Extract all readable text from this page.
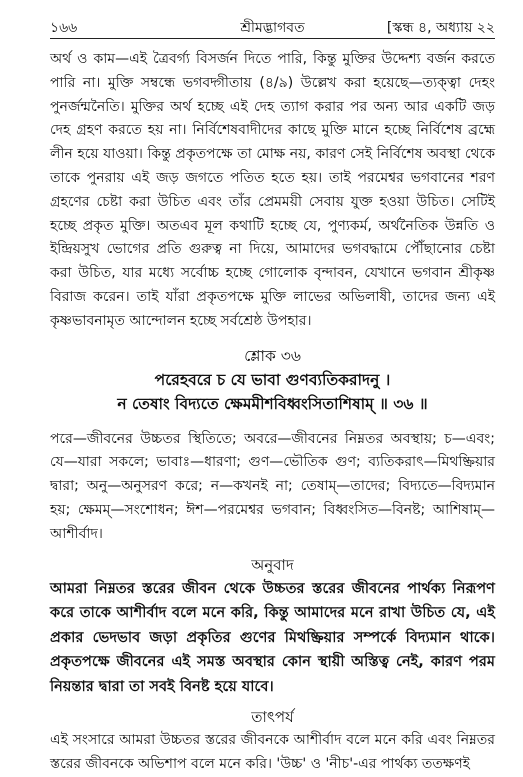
১৬৬	শ্রীমদ্ভাগবত	[স্কন্ধ ৪, অধ্যায় ২২

অর্থ ও কাম—এই ত্রৈবর্গ্য বিসর্জন দিতে পারি, কিন্তু মুক্তির উদ্দেশ্য বর্জন করতে পারি না। মুক্তি সম্বন্ধে ভগবদ্গীতায় (৪/৯) উল্লেখ করা হয়েছে—ত্যক্ত্বা দেহং পুনর্জন্মনৈতি। মুক্তির অর্থ হচ্ছে এই দেহ ত্যাগ করার পর অন্য আর একটি জড় দেহ গ্রহণ করতে হয় না। নির্বিশেষবাদীদের কাছে মুক্তি মানে হচ্ছে নির্বিশেষ ব্রহ্মে লীন হয়ে যাওয়া। কিন্তু প্রকৃতপক্ষে তা মোক্ষ নয়, কারণ সেই নির্বিশেষ অবস্থা থেকে তাকে পুনরায় এই জড় জগতে পতিত হতে হয়। তাই পরমেশ্বর ভগবানের শরণ গ্রহণের চেষ্টা করা উচিত এবং তাঁর প্রেমময়ী সেবায় যুক্ত হওয়া উচিত। সেটিই হচ্ছে প্রকৃত মুক্তি। অতএব মূল কথাটি হচ্ছে যে, পুণ্যকর্ম, অর্থনৈতিক উন্নতি ও ইন্দ্রিয়সুখ ভোগের প্রতি গুরুত্ব না দিয়ে, আমাদের ভগবদ্ধামে পৌঁছানোর চেষ্টা করা উচিত, যার মধ্যে সর্বোচ্চ হচ্ছে গোলোক বৃন্দাবন, যেখানে ভগবান শ্রীকৃষ্ণ বিরাজ করেন। তাই যাঁরা প্রকৃতপক্ষে মুক্তি লাভের অভিলাষী, তাদের জন্য এই কৃষ্ণভাবনামৃত আন্দোলন হচ্ছে সর্বশ্রেষ্ঠ উপহার।

শ্লোক ৩৬

পরেহবরে চ যে ভাবা গুণব্যতিকরাদনু ।

ন তেষাং বিদ্যতে ক্ষেমমীশবিধ্বংসিতাশিষাম্ ॥ ৩৬ ॥

পরে—জীবনের উচ্চতর স্থিতিতে; অবরে—জীবনের নিম্নতর অবস্থায়; চ—এবং; যে—যারা সকলে; ভাবাঃ—ধারণা; গুণ—ভৌতিক গুণ; ব্যতিকরাৎ—মিথষ্ক্রিয়ার দ্বারা; অনু—অনুসরণ করে; ন—কখনই না; তেষাম্—তাদের; বিদ্যতে—বিদ্যমান হয়; ক্ষেমম্—সংশোধন; ঈশ—পরমেশ্বর ভগবান; বিধ্বংসিত—বিনষ্ট; আশিষাম্—আশীর্বাদ।

অনুবাদ

আমরা নিম্নতর স্তরের জীবন থেকে উচ্চতর স্তরের জীবনের পার্থক্য নিরূপণ করে তাকে আশীর্বাদ বলে মনে করি, কিন্তু আমাদের মনে রাখা উচিত যে, এই প্রকার ভেদভাব জড়া প্রকৃতির গুণের মিথষ্ক্রিয়ার সম্পর্কে বিদ্যমান থাকে। প্রকৃতপক্ষে জীবনের এই সমস্ত অবস্থার কোন স্থায়ী অস্তিত্ব নেই, কারণ পরম নিয়ন্তার দ্বারা তা সবই বিনষ্ট হয়ে যাবে।

তাৎপর্য

এই সংসারে আমরা উচ্চতর স্তরের জীবনকে আশীর্বাদ বলে মনে করি এবং নিম্নতর স্তরের জীবনকে অভিশাপ বলে মনে করি। 'উচ্চ' ও 'নীচ'-এর পার্থক্য ততক্ষণই
